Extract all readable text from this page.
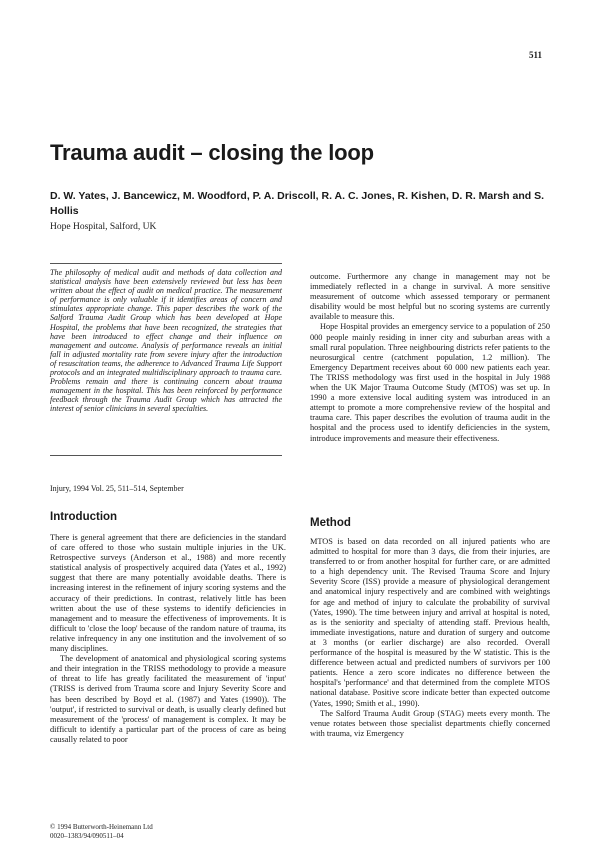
511
Trauma audit – closing the loop

D. W. Yates, J. Bancewicz, M. Woodford, P. A. Driscoll, R. A. C. Jones, R. Kishen, D. R. Marsh and S. Hollis

Hope Hospital, Salford, UK

The philosophy of medical audit and methods of data collection and statistical analysis have been extensively reviewed but less has been written about the effect of audit on medical practice. The measurement of performance is only valuable if it identifies areas of concern and stimulates appropriate change. This paper describes the work of the Salford Trauma Audit Group which has been developed at Hope Hospital, the problems that have been recognized, the strategies that have been introduced to effect change and their influence on management and outcome. Analysis of performance reveals an initial fall in adjusted mortality rate from severe injury after the introduction of resuscitation teams, the adherence to Advanced Trauma Life Support protocols and an integrated multidisciplinary approach to trauma care. Problems remain and there is continuing concern about trauma management in the hospital. This has been reinforced by performance feedback through the Trauma Audit Group which has attracted the interest of senior clinicians in several specialties.

Injury, 1994 Vol. 25, 511–514, September
Introduction

There is general agreement that there are deficiencies in the standard of care offered to those who sustain multiple injuries in the UK. Retrospective surveys (Anderson et al., 1988) and more recently statistical analysis of prospectively acquired data (Yates et al., 1992) suggest that there are many potentially avoidable deaths. There is increasing interest in the refinement of injury scoring systems and the accuracy of their predictions. In contrast, relatively little has been written about the use of these systems to identify deficiencies in management and to measure the effectiveness of improvements. It is difficult to 'close the loop' because of the random nature of trauma, its relative infrequency in any one institution and the involvement of so many disciplines.

The development of anatomical and physiological scoring systems and their integration in the TRISS methodology to provide a measure of threat to life has greatly facilitated the measurement of 'input' (TRISS is derived from Trauma score and Injury Severity Score and has been described by Boyd et al. (1987) and Yates (1990)). The 'output', if restricted to survival or death, is usually clearly defined but measurement of the 'process' of management is complex. It may be difficult to identify a particular part of the process of care as being causally related to poor

outcome. Furthermore any change in management may not be immediately reflected in a change in survival. A more sensitive measurement of outcome which assessed temporary or permanent disability would be most helpful but no scoring systems are currently available to measure this.

Hope Hospital provides an emergency service to a population of 250 000 people mainly residing in inner city and suburban areas with a small rural population. Three neighbouring districts refer patients to the neurosurgical centre (catchment population, 1.2 million). The Emergency Department receives about 60 000 new patients each year. The TRISS methodology was first used in the hospital in July 1988 when the UK Major Trauma Outcome Study (MTOS) was set up. In 1990 a more extensive local auditing system was introduced in an attempt to promote a more comprehensive review of the hospital and trauma care. This paper describes the evolution of trauma audit in the hospital and the process used to identify deficiencies in the system, introduce improvements and measure their effectiveness.

Method

MTOS is based on data recorded on all injured patients who are admitted to hospital for more than 3 days, die from their injuries, are transferred to or from another hospital for further care, or are admitted to a high dependency unit. The Revised Trauma Score and Injury Severity Score (ISS) provide a measure of physiological derangement and anatomical injury respectively and are combined with weightings for age and method of injury to calculate the probability of survival (Yates, 1990). The time between injury and arrival at hospital is noted, as is the seniority and specialty of attending staff. Previous health, immediate investigations, nature and duration of surgery and outcome at 3 months (or earlier discharge) are also recorded. Overall performance of the hospital is measured by the W statistic. This is the difference between actual and predicted numbers of survivors per 100 patients. Hence a zero score indicates no difference between the hospital's 'performance' and that determined from the complete MTOS national database. Positive score indicate better than expected outcome (Yates, 1990; Smith et al., 1990).

The Salford Trauma Audit Group (STAG) meets every month. The venue rotates between those specialist departments chiefly concerned with trauma, viz Emergency

© 1994 Butterworth-Heinemann Ltd
0020–1383/94/090511–04
